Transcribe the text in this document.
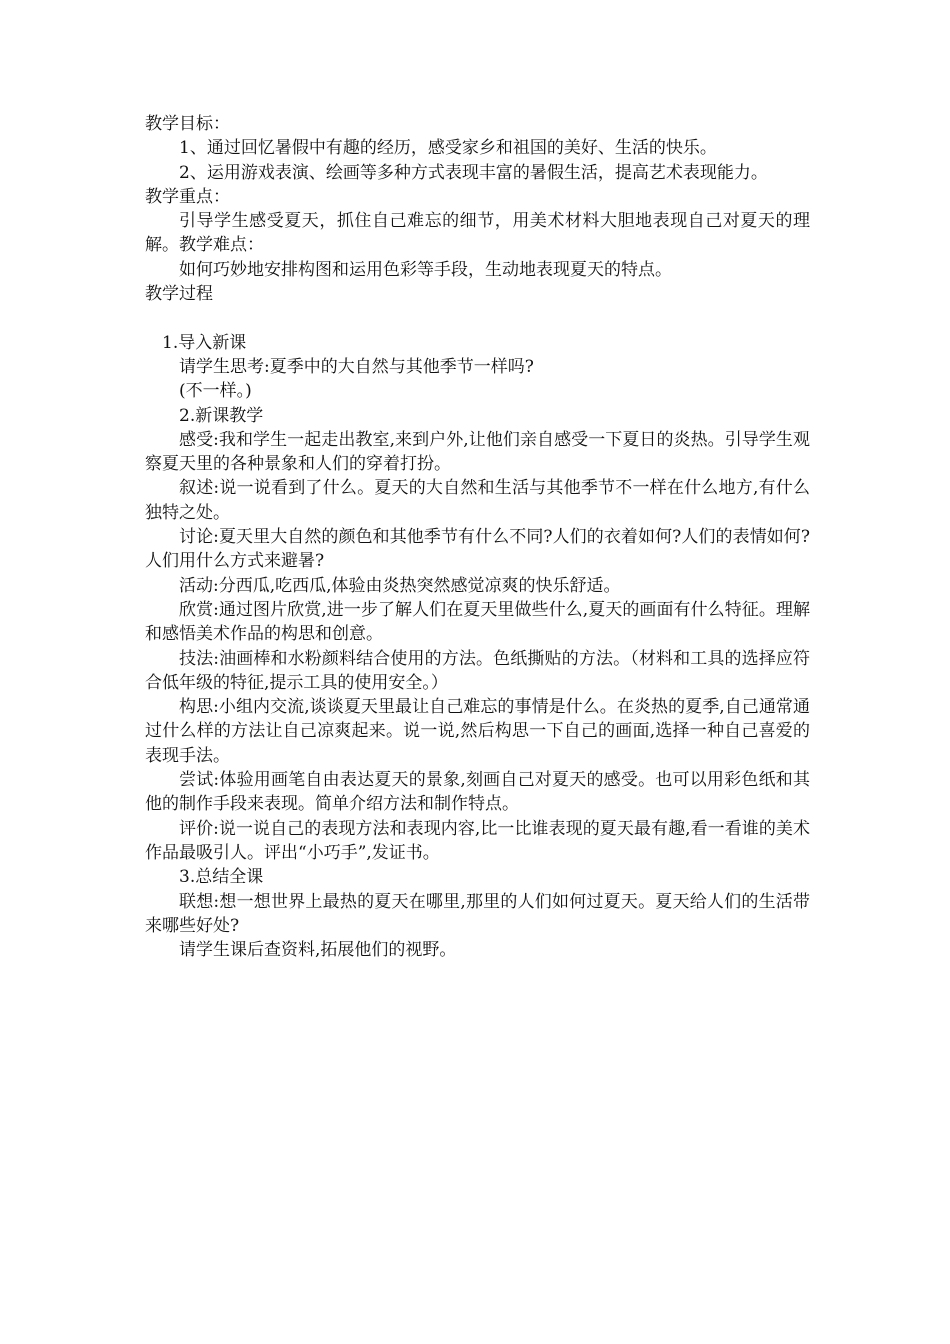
教学目标：

1、通过回忆暑假中有趣的经历，感受家乡和祖国的美好、生活的快乐。

2、运用游戏表演、绘画等多种方式表现丰富的暑假生活，提高艺术表现能力。

教学重点：

引导学生感受夏天，抓住自己难忘的细节，用美术材料大胆地表现自己对夏天的理解。教学难点：

如何巧妙地安排构图和运用色彩等手段，生动地表现夏天的特点。

教学过程

1.导入新课

请学生思考:夏季中的大自然与其他季节一样吗?

(不一样。)

2.新课教学

感受:我和学生一起走出教室,来到户外,让他们亲自感受一下夏日的炎热。引导学生观察夏天里的各种景象和人们的穿着打扮。

叙述:说一说看到了什么。夏天的大自然和生活与其他季节不一样在什么地方,有什么独特之处。

讨论:夏天里大自然的颜色和其他季节有什么不同?人们的衣着如何?人们的表情如何?人们用什么方式来避暑?

活动:分西瓜,吃西瓜,体验由炎热突然感觉凉爽的快乐舒适。

欣赏:通过图片欣赏,进一步了解人们在夏天里做些什么,夏天的画面有什么特征。理解和感悟美术作品的构思和创意。

技法:油画棒和水粉颜料结合使用的方法。色纸撕贴的方法。（材料和工具的选择应符合低年级的特征,提示工具的使用安全。）

构思:小组内交流,谈谈夏天里最让自己难忘的事情是什么。在炎热的夏季,自己通常通过什么样的方法让自己凉爽起来。说一说,然后构思一下自己的画面,选择一种自己喜爱的表现手法。

尝试:体验用画笔自由表达夏天的景象,刻画自己对夏天的感受。也可以用彩色纸和其他的制作手段来表现。简单介绍方法和制作特点。

评价:说一说自己的表现方法和表现内容,比一比谁表现的夏天最有趣,看一看谁的美术作品最吸引人。评出“小巧手”,发证书。

3.总结全课

联想:想一想世界上最热的夏天在哪里,那里的人们如何过夏天。夏天给人们的生活带来哪些好处?

请学生课后查资料,拓展他们的视野。
